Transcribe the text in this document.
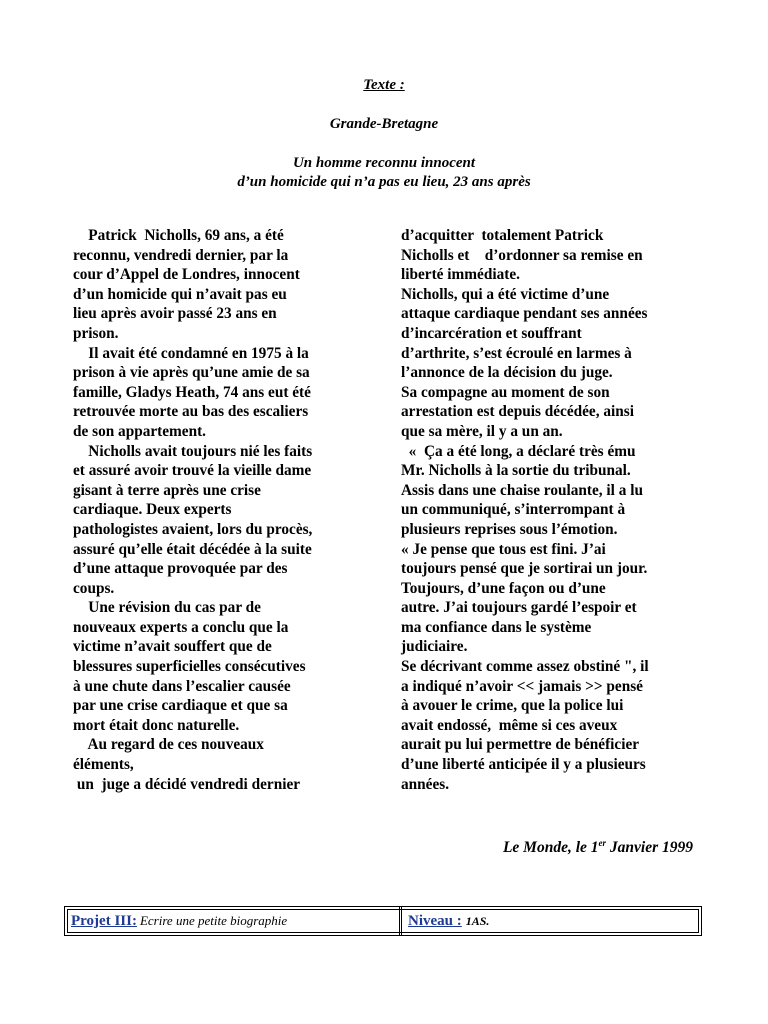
Texte :
Grande-Bretagne
Un homme reconnu innocent
d’un homicide qui n’a pas eu lieu, 23 ans après
Patrick  Nicholls, 69 ans, a été
reconnu, vendredi dernier, par la
cour d’Appel de Londres, innocent
d’un homicide qui n’avait pas eu
lieu après avoir passé 23 ans en
prison.
Il avait été condamné en 1975 à la
prison à vie après qu’une amie de sa
famille, Gladys Heath, 74 ans eut été
retrouvée morte au bas des escaliers
de son appartement.
Nicholls avait toujours nié les faits
et assuré avoir trouvé la vieille dame
gisant à terre après une crise
cardiaque. Deux experts
pathologistes avaient, lors du procès,
assuré qu’elle était décédée à la suite
d’une attaque provoquée par des
coups.
Une révision du cas par de
nouveaux experts a conclu que la
victime n’avait souffert que de
blessures superficielles consécutives
à une chute dans l’escalier causée
par une crise cardiaque et que sa
mort était donc naturelle.
Au regard de ces nouveaux
éléments,
un  juge a décidé vendredi dernier
d’acquitter  totalement Patrick
Nicholls et    d’ordonner sa remise en
liberté immédiate.
Nicholls, qui a été victime d’une
attaque cardiaque pendant ses années
d’incarcération et souffrant
d’arthrite, s’est écroulé en larmes à
l’annonce de la décision du juge.
Sa compagne au moment de son
arrestation est depuis décédée, ainsi
que sa mère, il y a un an.
«  Ça a été long, a déclaré très ému
Mr. Nicholls à la sortie du tribunal.
Assis dans une chaise roulante, il a lu
un communiqué, s’interrompant à
plusieurs reprises sous l’émotion.
« Je pense que tous est fini. J’ai
toujours pensé que je sortirai un jour.
Toujours, d’une façon ou d’une
autre. J’ai toujours gardé l’espoir et
ma confiance dans le système
judiciaire.
Se décrivant comme assez obstiné ", il
a indiqué n’avoir << jamais >> pensé
à avouer le crime, que la police lui
avait endossé,  même si ces aveux
aurait pu lui permettre de bénéficier
d’une liberté anticipée il y a plusieurs
années.
Le Monde, le 1er Janvier 1999
Projet III: Ecrire une petite biographie	Niveau : 1AS.
